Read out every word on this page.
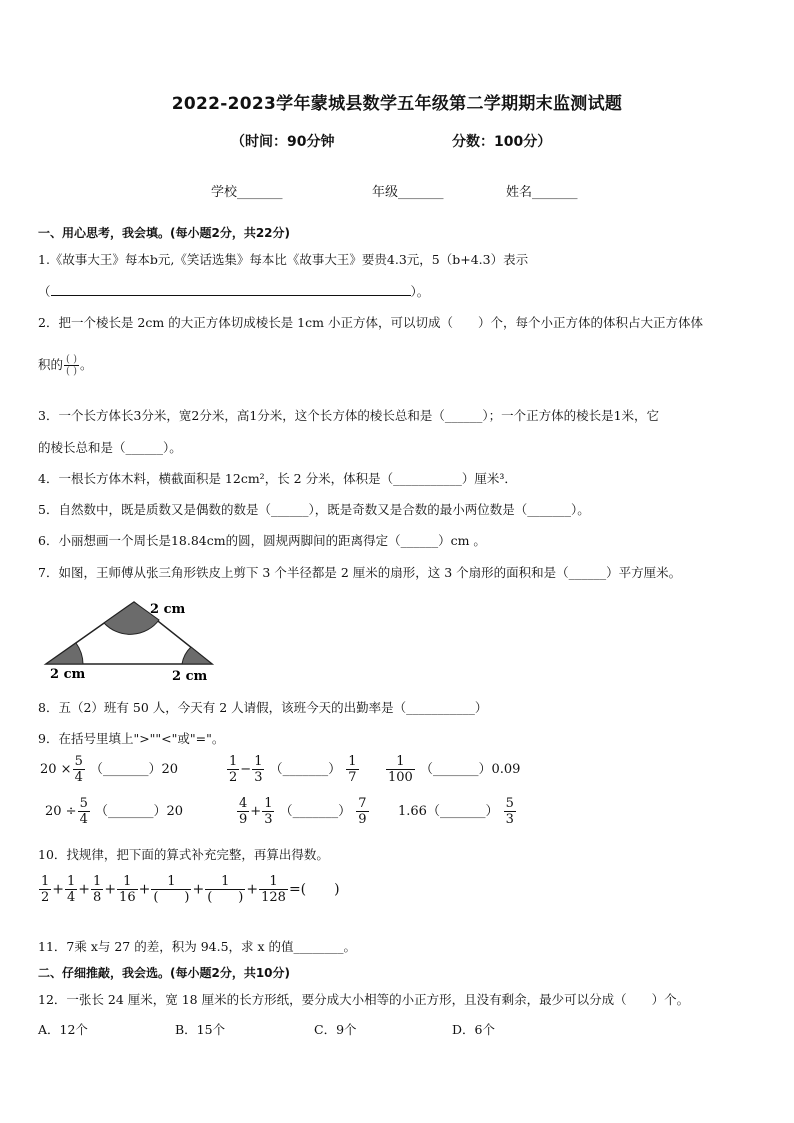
2022-2023学年蒙城县数学五年级第二学期期末监测试题
（时间：90分钟	分数：100分）
学校_______	年级_______	姓名_______
一、用心思考，我会填。(每小题2分，共22分)
1.《故事大王》每本b元,《笑话选集》每本比《故事大王》要贵4.3元，5（b+4.3）表示
（	）。
2．把一个棱长是 2cm 的大正方体切成棱长是 1cm 小正方体，可以切成（　　）个，每个小正方体的体积占大正方体体
积的 $\frac{( )}{( )}$ 。
3．一个长方体长3分米，宽2分米，高1分米，这个长方体的棱长总和是（______）；一个正方体的棱长是1米，它
的棱长总和是（______）。
4．一根长方体木料，横截面积是 12cm²，长 2 分米，体积是（___________）厘米³．
5．自然数中，既是质数又是偶数的数是（______），既是奇数又是合数的最小两位数是（_______）。
6．小丽想画一个周长是18.84cm的圆，圆规两脚间的距离得定（______）cm 。
7．如图，王师傅从张三角形铁皮上剪下 3 个半径都是 2 厘米的扇形，这 3 个扇形的面积和是（______）平方厘米。
2 cm
2 cm	2 cm
8．五（2）班有 50 人，今天有 2 人请假，该班今天的出勤率是（___________）
9．在括号里填上">""<"或"="。
$20 \times \frac{5}{4}$ （_______）20	$\frac{1}{2} - \frac{1}{3}$ （_______） $\frac{1}{7} \frac{1}{100}$ （_______）0.09
$20 \div \frac{5}{4}$ （_______）20	$\frac{4}{9} + \frac{1}{3}$ （_______） $\frac{7}{9}$ 1.66（_______） $\frac{5}{3}$
10．找规律，把下面的算式补充完整，再算出得数。
$\frac{1}{2} + \frac{1}{4} + \frac{1}{8} + \frac{1}{16} + \frac{1}{( )} + \frac{1}{( )} + \frac{1}{128}$ =(　　)
11．7乘 x与 27 的差，积为 94.5，求 x 的值________。
二、仔细推敲，我会选。(每小题2分，共10分)
12．一张长 24 厘米，宽 18 厘米的长方形纸，要分成大小相等的小正方形，且没有剩余，最少可以分成（　　）个。
A．12个	B．15个	C．9个	D．6个
